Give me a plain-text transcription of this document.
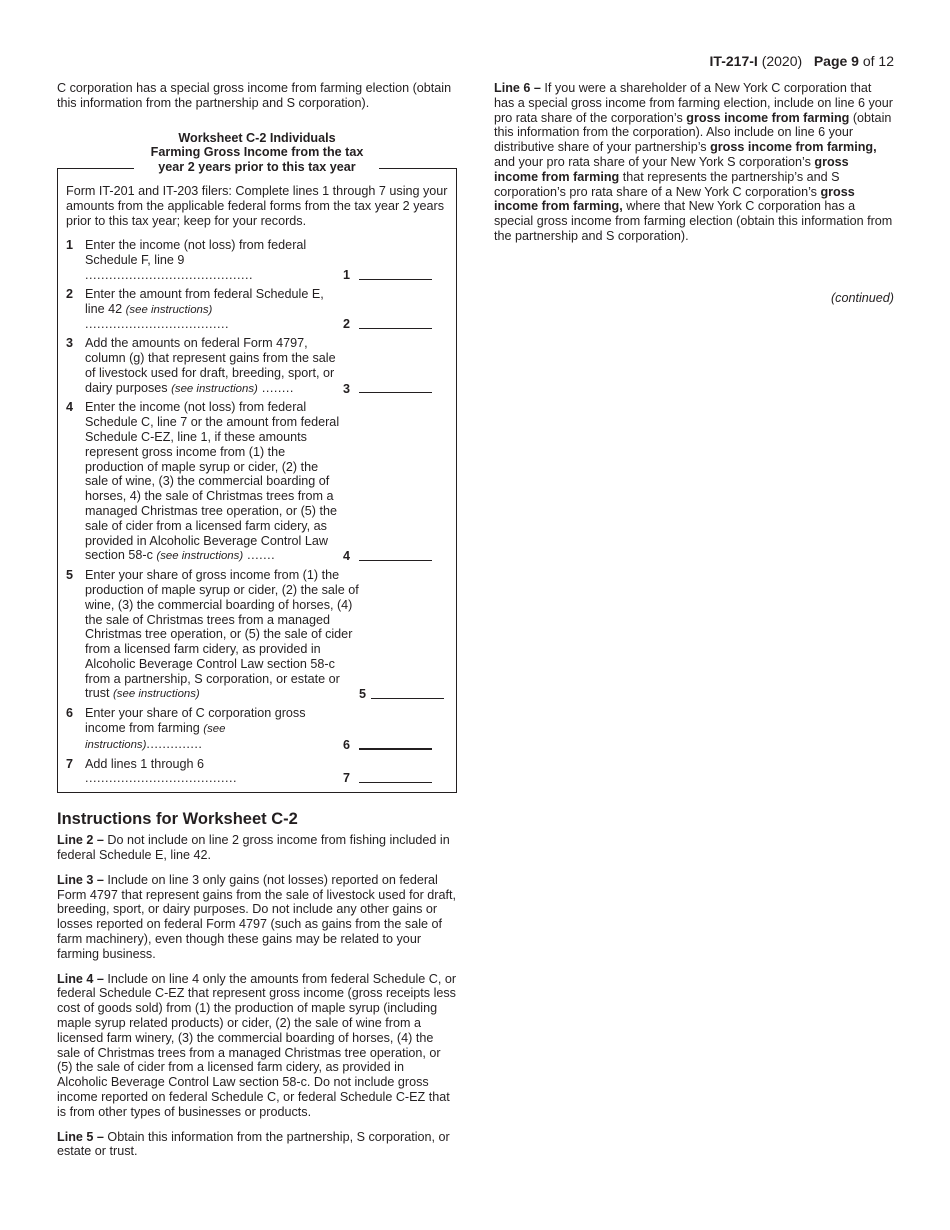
IT-217-I (2020) Page 9 of 12

C corporation has a special gross income from farming election (obtain this information from the partnership and S corporation).

Worksheet C-2 Individuals
Farming Gross Income from the tax
year 2 years prior to this tax year

Form IT-201 and IT-203 filers: Complete lines 1 through 7 using your amounts from the applicable federal forms from the tax year 2 years prior to this tax year; keep for your records.

1 Enter the income (not loss) from federal Schedule F, line 9 ..........................................	1
2 Enter the amount from federal Schedule E, line 42 (see instructions) ....................................	2
3 Add the amounts on federal Form 4797, column (g) that represent gains from the sale of livestock used for draft, breeding, sport, or dairy purposes (see instructions) ........	3
4 Enter the income (not loss) from federal Schedule C, line 7 or the amount from federal Schedule C-EZ, line 1, if these amounts represent gross income from (1) the production of maple syrup or cider, (2) the sale of wine, (3) the commercial boarding of horses, 4) the sale of Christmas trees from a managed Christmas tree operation, or (5) the sale of cider from a licensed farm cidery, as provided in Alcoholic Beverage Control Law section 58-c (see instructions) .......	4
5 Enter your share of gross income from (1) the production of maple syrup or cider, (2) the sale of wine, (3) the commercial boarding of horses, (4) the sale of Christmas trees from a managed Christmas tree operation, or (5) the sale of cider from a licensed farm cidery, as provided in Alcoholic Beverage Control Law section 58-c from a partnership, S corporation, or estate or trust (see instructions)	5
6 Enter your share of C corporation gross income from farming (see instructions)..............	6
7 Add lines 1 through 6 ......................................	7
Instructions for Worksheet C-2

Line 2 – Do not include on line 2 gross income from fishing included in federal Schedule E, line 42.

Line 3 – Include on line 3 only gains (not losses) reported on federal Form 4797 that represent gains from the sale of livestock used for draft, breeding, sport, or dairy purposes. Do not include any other gains or losses reported on federal Form 4797 (such as gains from the sale of farm machinery), even though these gains may be related to your farming business.

Line 4 – Include on line 4 only the amounts from federal Schedule C, or federal Schedule C-EZ that represent gross income (gross receipts less cost of goods sold) from (1) the production of maple syrup (including maple syrup related products) or cider, (2) the sale of wine from a licensed farm winery, (3) the commercial boarding of horses, (4) the sale of Christmas trees from a managed Christmas tree operation, or (5) the sale of cider from a licensed farm cidery, as provided in Alcoholic Beverage Control Law section 58-c. Do not include gross income reported on federal Schedule C, or federal Schedule C-EZ that is from other types of businesses or products.

Line 5 – Obtain this information from the partnership, S corporation, or estate or trust.

Line 6 – If you were a shareholder of a New York C corporation that has a special gross income from farming election, include on line 6 your pro rata share of the corporation’s gross income from farming (obtain this information from the corporation). Also include on line 6 your distributive share of your partnership’s gross income from farming, and your pro rata share of your New York S corporation’s gross income from farming that represents the partnership’s and S corporation’s pro rata share of a New York C corporation’s gross income from farming, where that New York C corporation has a special gross income from farming election (obtain this information from the partnership and S corporation).

(continued)
